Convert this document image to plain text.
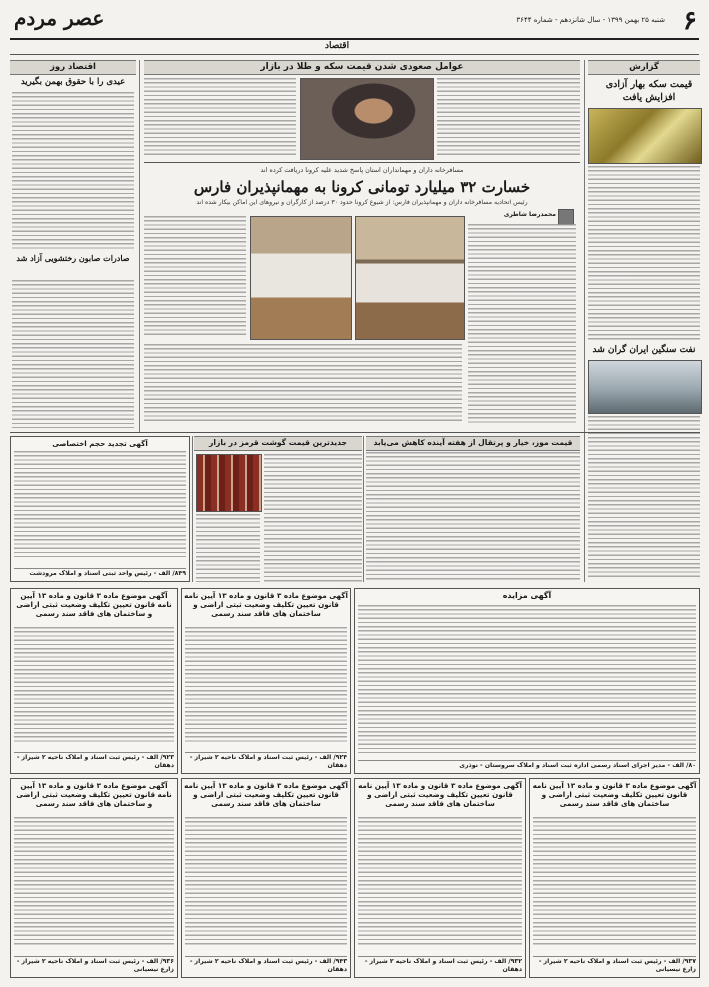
۶
شنبه ۲۵ بهمن ۱۳۹۹ - سال شانزدهم - شماره ۳۶۴۴
عصر مردم
اقتصاد
گزارش
قیمت سکه بهار آزادی افزایش یافت
نفت سنگین ایران گران شد
اقتصاد روز
عیدی را با حقوق بهمن بگیرید
صادرات صابون رختشویی آزاد شد
عوامل صعودی شدن قیمت سکه و طلا در بازار
مسافرخانه داران و مهمانداران استان پاسخ شدید علیه کرونا دریافت کرده اند
خسارت ۳۲ میلیارد تومانی کرونا به مهمانپذیران فارس
رئیس اتحادیه مسافرخانه داران و مهمانپذیران فارس: از شیوع کرونا حدود ۳۰ درصد از کارگران و نیروهای این اماکن بیکار شده اند
محمدرضا شاطری
قیمت موز، خیار و پرتقال از هفته آینده کاهش می‌یابد
جدیدترین قیمت گوشت قرمز در بازار
آگهی تجدید حجم اختصاصی
۸۴۹/ الف - رئیس واحد ثبتی اسناد و املاک مرودشت
آگهی موضوع ماده ۳ قانون و ماده ۱۳ آیین نامه قانون تعیین تکلیف وضعیت ثبتی اراضی و ساختمان های فاقد سند رسمی
۹۲۳/ الف - رئیس ثبت اسناد و املاک ناحیه ۲ شیراز - دهقان
آگهی موضوع ماده ۳ قانون و ماده ۱۳ آیین نامه قانون تعیین تکلیف وضعیت ثبتی اراضی و ساختمان های فاقد سند رسمی
۹۲۴/ الف - رئیس ثبت اسناد و املاک ناحیه ۲ شیراز - دهقان
آگهی مزایده
۸۰/ الف - مدیر اجرای اسناد رسمی اداره ثبت اسناد و املاک سروستان - نوذری
آگهی موضوع ماده ۳ قانون و ماده ۱۳ آیین نامه قانون تعیین تکلیف وضعیت ثبتی اراضی و ساختمان های فاقد سند رسمی
۹۳۶/ الف - رئیس ثبت اسناد و املاک ناحیه ۲ شیراز - زارع نیسیانی
آگهی موضوع ماده ۳ قانون و ماده ۱۳ آیین نامه قانون تعیین تکلیف وضعیت ثبتی اراضی و ساختمان های فاقد سند رسمی
۹۴۳/ الف - رئیس ثبت اسناد و املاک ناحیه ۲ شیراز - دهقان
آگهی موضوع ماده ۳ قانون و ماده ۱۳ آیین نامه قانون تعیین تکلیف وضعیت ثبتی اراضی و ساختمان های فاقد سند رسمی
۹۳۲/ الف - رئیس ثبت اسناد و املاک ناحیه ۲ شیراز - دهقان
آگهی موضوع ماده ۳ قانون و ماده ۱۳ آیین نامه قانون تعیین تکلیف وضعیت ثبتی اراضی و ساختمان های فاقد سند رسمی
۹۳۷/ الف - رئیس ثبت اسناد و املاک ناحیه ۲ شیراز - زارع نیسیانی
